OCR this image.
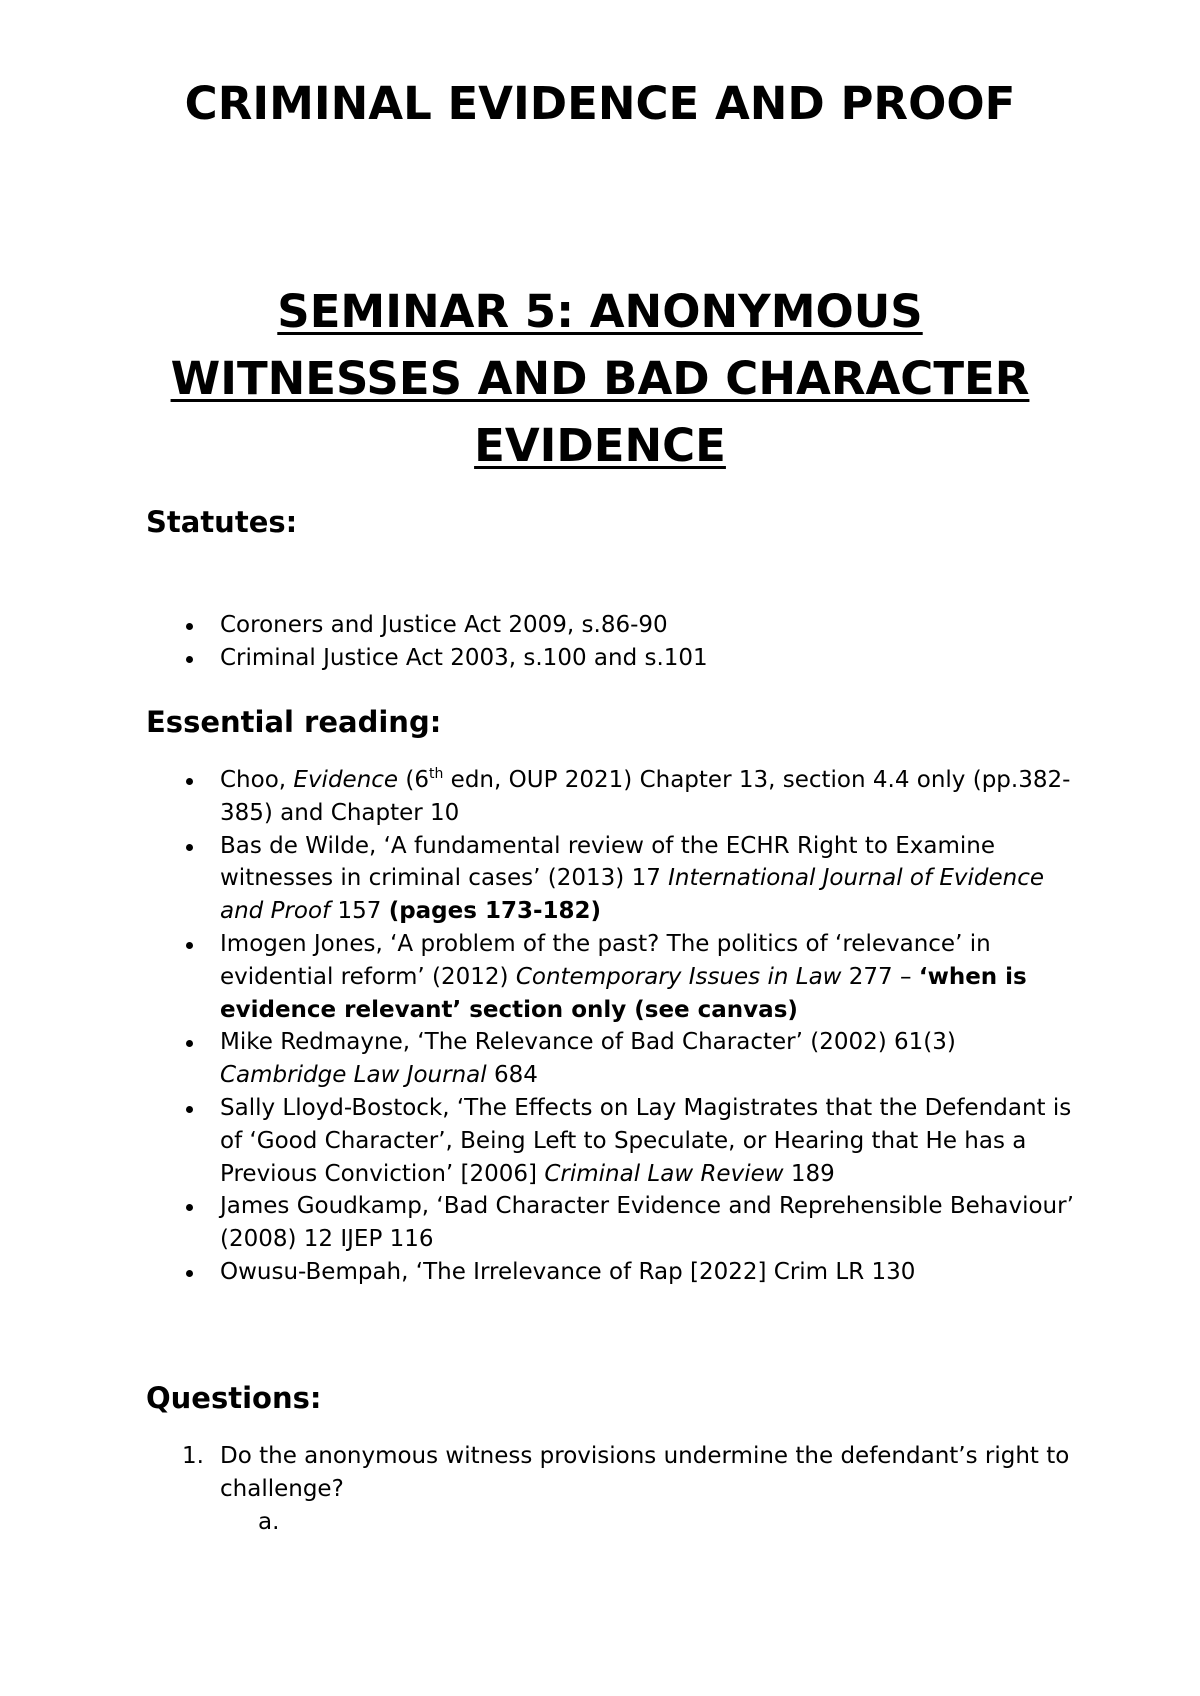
CRIMINAL EVIDENCE AND PROOF
SEMINAR 5: ANONYMOUS WITNESSES AND BAD CHARACTER EVIDENCE
Statutes:
Coroners and Justice Act 2009, s.86-90
Criminal Justice Act 2003, s.100 and s.101
Essential reading:
Choo, Evidence (6th edn, OUP 2021) Chapter 13, section 4.4 only (pp.382-385) and Chapter 10
Bas de Wilde, ‘A fundamental review of the ECHR Right to Examine witnesses in criminal cases’ (2013) 17 International Journal of Evidence and Proof 157 (pages 173-182)
Imogen Jones, ‘A problem of the past? The politics of ‘relevance’ in evidential reform’ (2012) Contemporary Issues in Law 277 – ‘when is evidence relevant’ section only (see canvas)
Mike Redmayne, ‘The Relevance of Bad Character’ (2002) 61(3) Cambridge Law Journal 684
Sally Lloyd-Bostock, ‘The Effects on Lay Magistrates that the Defendant is of ‘Good Character’, Being Left to Speculate, or Hearing that He has a Previous Conviction’ [2006] Criminal Law Review 189
James Goudkamp, ‘Bad Character Evidence and Reprehensible Behaviour’ (2008) 12 IJEP 116
Owusu-Bempah, ‘The Irrelevance of Rap [2022] Crim LR 130
Questions:
1. Do the anonymous witness provisions undermine the defendant’s right to challenge?
a.
